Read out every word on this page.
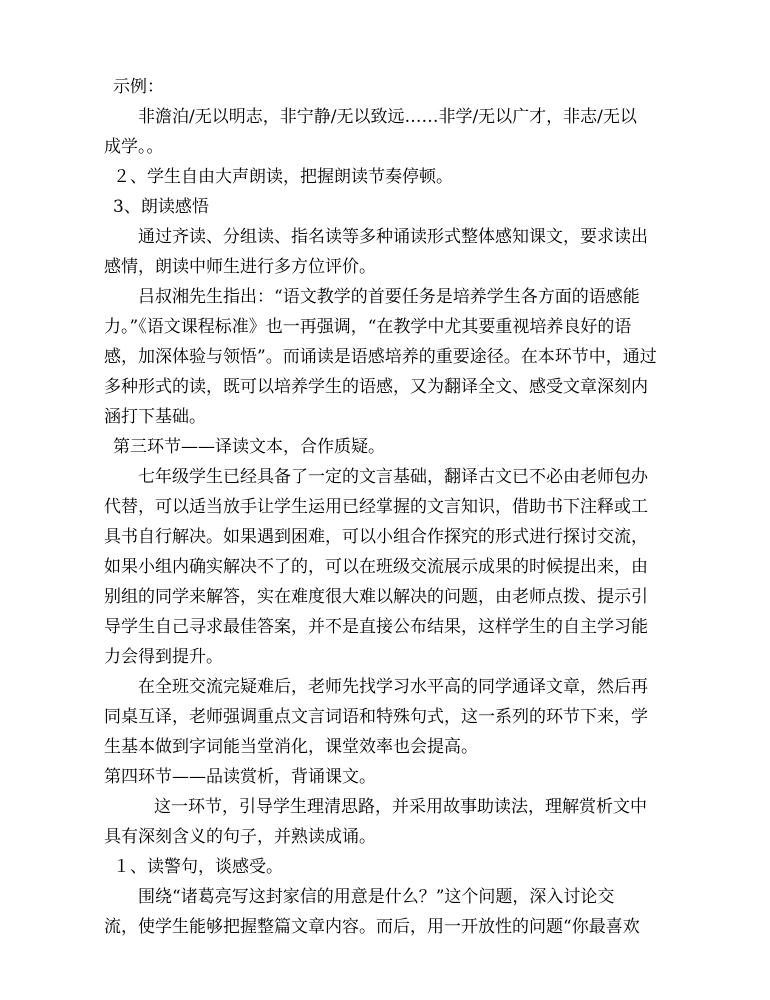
示例：
非澹泊/无以明志，非宁静/无以致远……非学/无以广才，非志/无以
成学。。
２、学生自由大声朗读，把握朗读节奏停顿。
3、朗读感悟
通过齐读、分组读、指名读等多种诵读形式整体感知课文，要求读出
感情，朗读中师生进行多方位评价。
吕叔湘先生指出：“语文教学的首要任务是培养学生各方面的语感能
力。”《语文课程标准》也一再强调，“在教学中尤其要重视培养良好的语
感，加深体验与领悟”。而诵读是语感培养的重要途径。在本环节中，通过
多种形式的读，既可以培养学生的语感，又为翻译全文、感受文章深刻内
涵打下基础。
第三环节——译读文本，合作质疑。
七年级学生已经具备了一定的文言基础，翻译古文已不必由老师包办
代替，可以适当放手让学生运用已经掌握的文言知识，借助书下注释或工
具书自行解决。如果遇到困难，可以小组合作探究的形式进行探讨交流，
如果小组内确实解决不了的，可以在班级交流展示成果的时候提出来，由
别组的同学来解答，实在难度很大难以解决的问题，由老师点拨、提示引
导学生自己寻求最佳答案，并不是直接公布结果，这样学生的自主学习能
力会得到提升。
在全班交流完疑难后，老师先找学习水平高的同学通译文章，然后再
同桌互译，老师强调重点文言词语和特殊句式，这一系列的环节下来，学
生基本做到字词能当堂消化，课堂效率也会提高。
第四环节——品读赏析，背诵课文。
这一环节，引导学生理清思路，并采用故事助读法，理解赏析文中
具有深刻含义的句子，并熟读成诵。
１、读警句，谈感受。
围绕“诸葛亮写这封家信的用意是什么？”这个问题，深入讨论交
流，使学生能够把握整篇文章内容。而后，用一开放性的问题“你最喜欢
